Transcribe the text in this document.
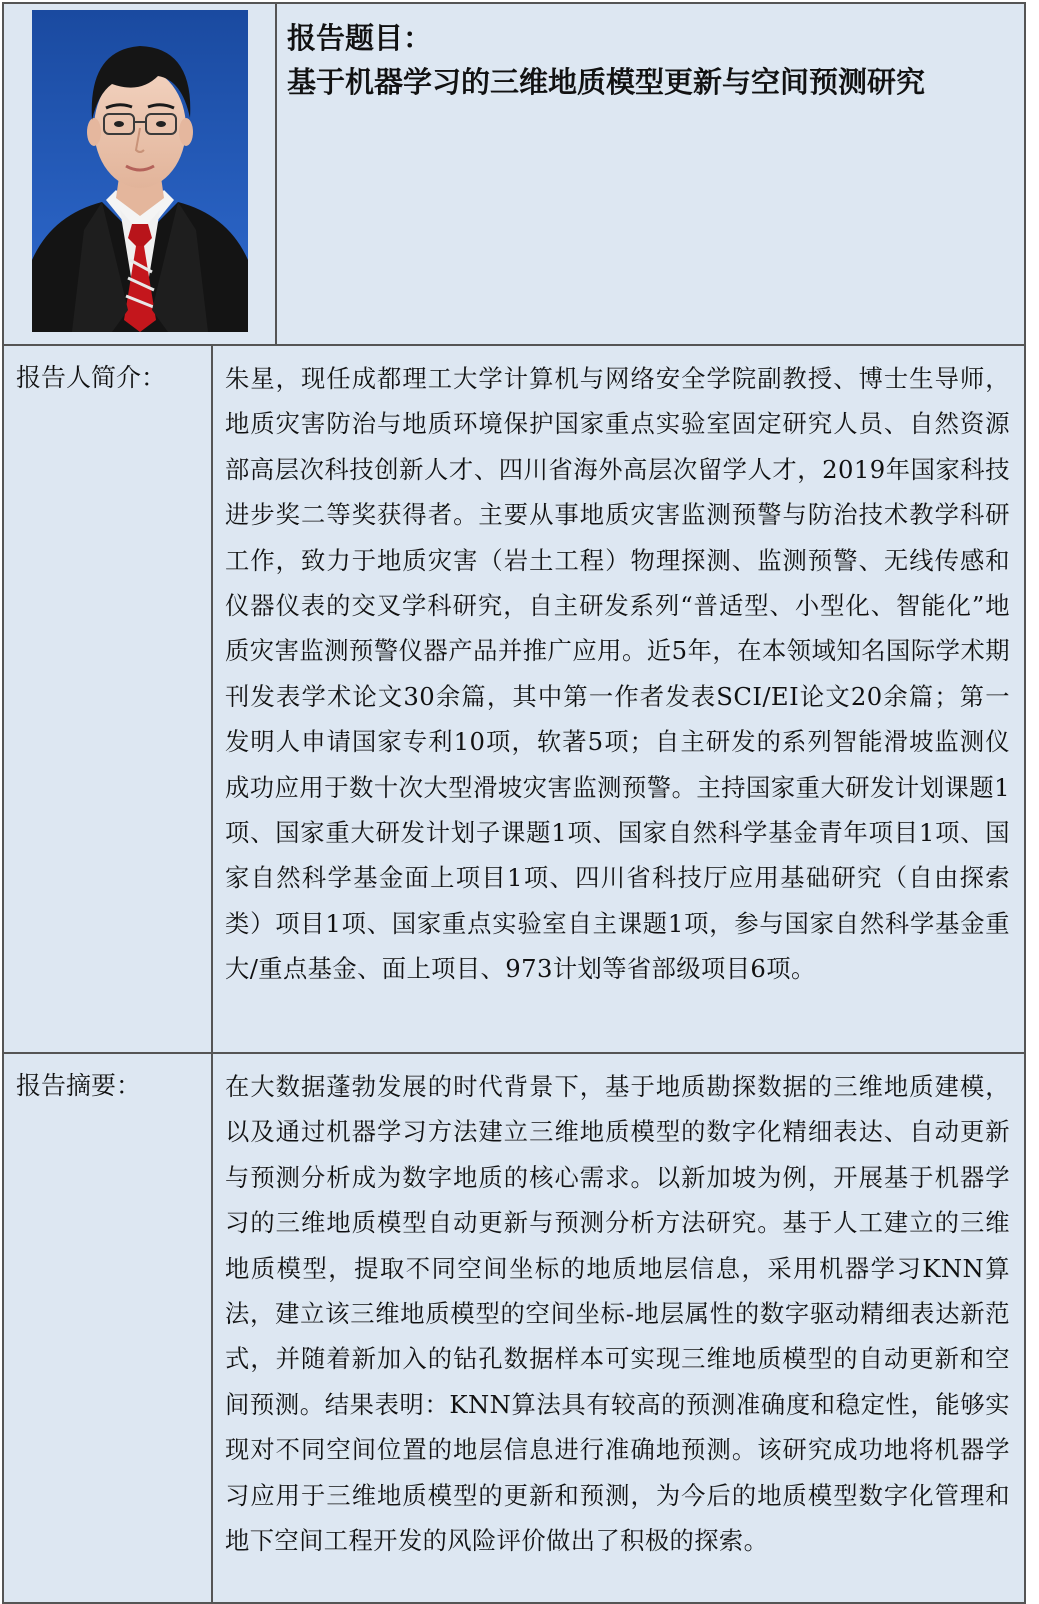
报告题目：
基于机器学习的三维地质模型更新与空间预测研究

报告人简介：	朱星，现任成都理工大学计算机与网络安全学院副教授、博士生导师，地质灾害防治与地质环境保护国家重点实验室固定研究人员、自然资源部高层次科技创新人才、四川省海外高层次留学人才，2019年国家科技进步奖二等奖获得者。主要从事地质灾害监测预警与防治技术教学科研工作，致力于地质灾害（岩土工程）物理探测、监测预警、无线传感和仪器仪表的交叉学科研究，自主研发系列“普适型、小型化、智能化”地质灾害监测预警仪器产品并推广应用。近5年，在本领域知名国际学术期刊发表学术论文30余篇，其中第一作者发表SCI/EI论文20余篇；第一发明人申请国家专利10项，软著5项；自主研发的系列智能滑坡监测仪成功应用于数十次大型滑坡灾害监测预警。主持国家重大研发计划课题1项、国家重大研发计划子课题1项、国家自然科学基金青年项目1项、国家自然科学基金面上项目1项、四川省科技厅应用基础研究（自由探索类）项目1项、国家重点实验室自主课题1项，参与国家自然科学基金重大/重点基金、面上项目、973计划等省部级项目6项。	
报告摘要：	在大数据蓬勃发展的时代背景下，基于地质勘探数据的三维地质建模，以及通过机器学习方法建立三维地质模型的数字化精细表达、自动更新与预测分析成为数字地质的核心需求。以新加坡为例，开展基于机器学习的三维地质模型自动更新与预测分析方法研究。基于人工建立的三维地质模型，提取不同空间坐标的地质地层信息，采用机器学习KNN算法，建立该三维地质模型的空间坐标-地层属性的数字驱动精细表达新范式，并随着新加入的钻孔数据样本可实现三维地质模型的自动更新和空间预测。结果表明：KNN算法具有较高的预测准确度和稳定性，能够实现对不同空间位置的地层信息进行准确地预测。该研究成功地将机器学习应用于三维地质模型的更新和预测，为今后的地质模型数字化管理和地下空间工程开发的风险评价做出了积极的探索。	
